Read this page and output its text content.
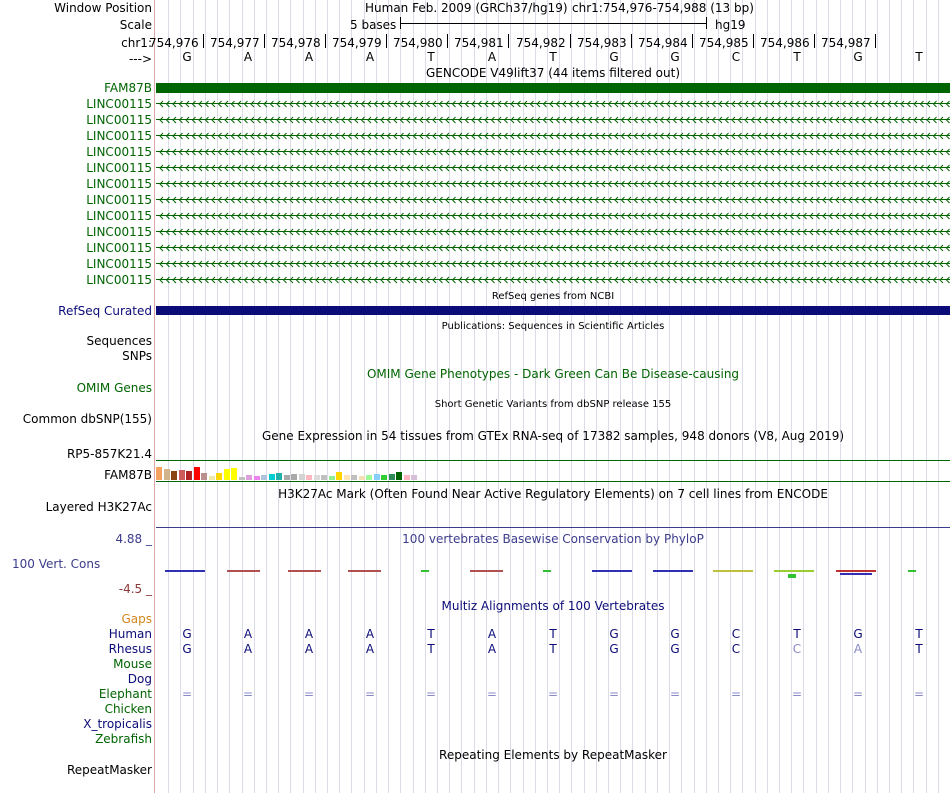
Window Position
Scale
chr1:
--->
Human Feb. 2009 (GRCh37/hg19) chr1:754,976-754,988 (13 bp)
5 bases	hg19
754,976 754,977 754,978 754,979 754,980 754,981 754,982 754,983 754,984 754,985 754,986 754,987
G	A	A	A	T	A	T	G	G	C	T	G	T
GENCODE V49lift37 (44 items filtered out)
FAM87B
LINC00115
LINC00115
LINC00115
LINC00115
LINC00115
LINC00115
LINC00115
LINC00115
LINC00115
LINC00115
LINC00115
LINC00115
RefSeq genes from NCBI
RefSeq Curated
Publications: Sequences in Scientific Articles
Sequences
SNPs
OMIM Gene Phenotypes - Dark Green Can Be Disease-causing
OMIM Genes
Short Genetic Variants from dbSNP release 155
Common dbSNP(155)
Gene Expression in 54 tissues from GTEx RNA-seq of 17382 samples, 948 donors (V8, Aug 2019)
RP5-857K21.4
FAM87B
H3K27Ac Mark (Often Found Near Active Regulatory Elements) on 7 cell lines from ENCODE
Layered H3K27Ac
100 vertebrates Basewise Conservation by PhyloP
4.88 _
100 Vert. Cons
-4.5 _
Multiz Alignments of 100 Vertebrates
Gaps
Human	G	A	A	A	T	A	T	G	G	C	T	G	T
Rhesus	G	A	A	A	T	A	T	G	G	C	C	A	T
Mouse
Dog
Elephant =	=	=	=	=	=	=	=	=	=	=	=	=
Chicken
X_tropicalis
Zebrafish
Repeating Elements by RepeatMasker
RepeatMasker
